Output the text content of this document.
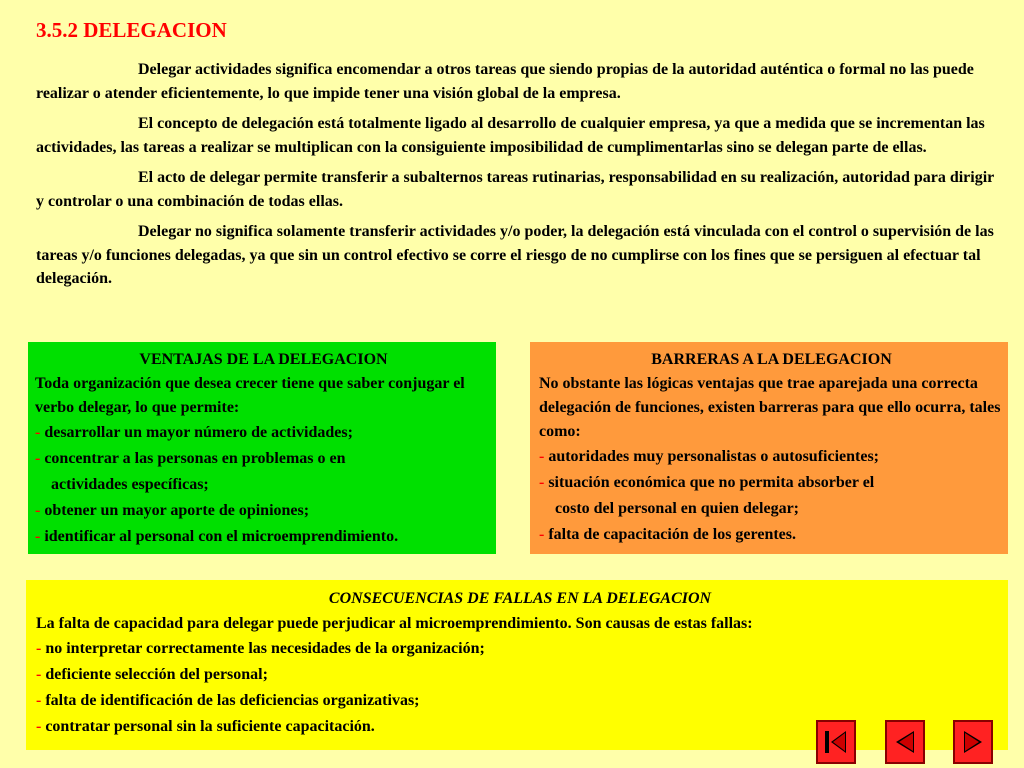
3.5.2 DELEGACION

Delegar actividades significa encomendar a otros tareas que siendo propias de la autoridad auténtica o formal no las puede realizar o atender eficientemente, lo que impide tener una visión global de la empresa.

El concepto de delegación está totalmente ligado al desarrollo de cualquier empresa, ya que a medida que se incrementan las actividades, las tareas a realizar se multiplican con la consiguiente imposibilidad de cumplimentarlas sino se delegan parte de ellas.

El acto de delegar permite transferir a subalternos tareas rutinarias, responsabilidad en su realización, autoridad para dirigir y controlar o una combinación de todas ellas.

Delegar no significa solamente transferir actividades y/o poder, la delegación está vinculada con el control o supervisión de las tareas y/o funciones delegadas, ya que sin un control efectivo se corre el riesgo de no cumplirse con los fines que se persiguen al efectuar tal delegación.

VENTAJAS DE LA DELEGACION

Toda organización que desea crecer tiene que saber conjugar el verbo delegar, lo que permite:

- desarrollar un mayor número de actividades;
- concentrar a las personas en problemas o en
actividades específicas;
- obtener un mayor aporte de opiniones;
- identificar al personal con el microemprendimiento.

BARRERAS A LA DELEGACION

No obstante las lógicas ventajas que trae aparejada una correcta delegación de funciones, existen barreras para que ello ocurra, tales como:

- autoridades muy personalistas o autosuficientes;
- situación económica que no permita absorber el
costo del personal en quien delegar;
- falta de capacitación de los gerentes.

CONSECUENCIAS DE FALLAS EN LA DELEGACION

La falta de capacidad para delegar puede perjudicar al microemprendimiento. Son causas de estas fallas:

- no interpretar correctamente las necesidades de la organización;
- deficiente selección del personal;
- falta de identificación de las deficiencias organizativas;
- contratar personal sin la suficiente capacitación.
